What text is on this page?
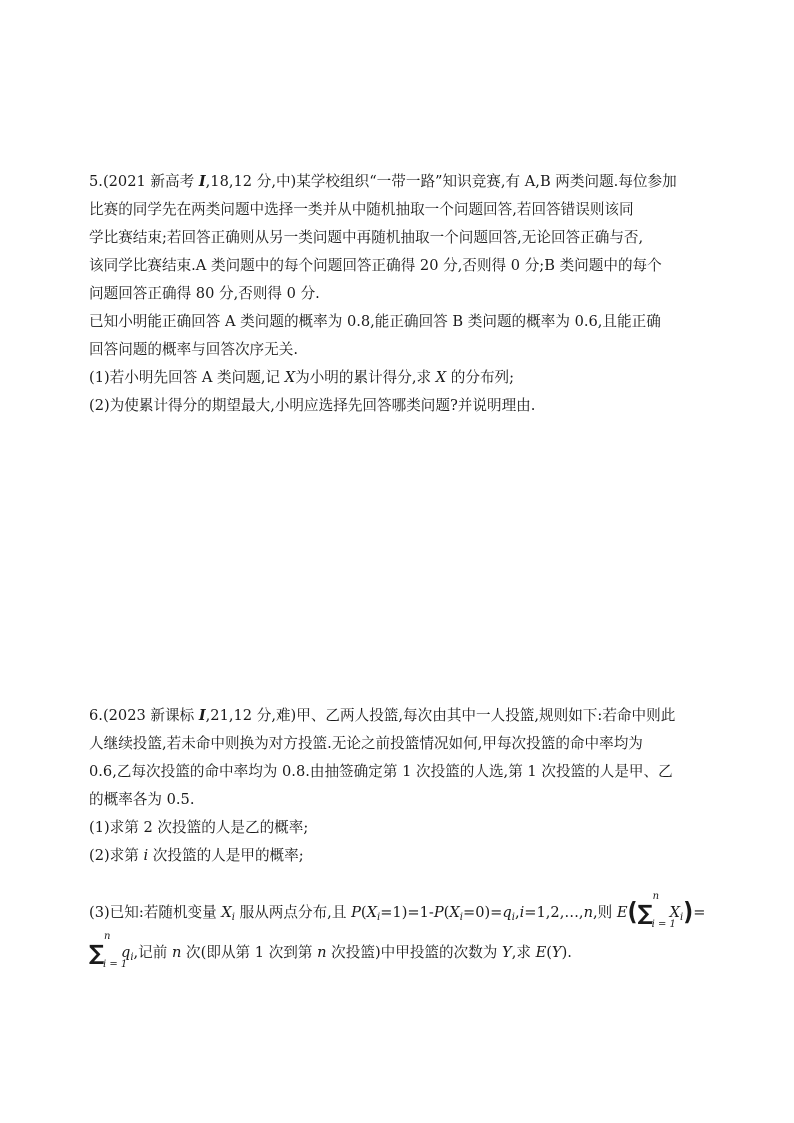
5.(2021 新高考 Ⅰ,18,12 分,中)某学校组织“一带一路”知识竞赛,有 A,B 两类问题.每位参加
比赛的同学先在两类问题中选择一类并从中随机抽取一个问题回答,若回答错误则该同
学比赛结束;若回答正确则从另一类问题中再随机抽取一个问题回答,无论回答正确与否,
该同学比赛结束.A 类问题中的每个问题回答正确得 20 分,否则得 0 分;B 类问题中的每个
问题回答正确得 80 分,否则得 0 分.
已知小明能正确回答 A 类问题的概率为 0.8,能正确回答 B 类问题的概率为 0.6,且能正确
回答问题的概率与回答次序无关.
(1)若小明先回答 A 类问题,记 X为小明的累计得分,求 X 的分布列;
(2)为使累计得分的期望最大,小明应选择先回答哪类问题?并说明理由.
6.(2023 新课标 Ⅰ,21,12 分,难)甲、乙两人投篮,每次由其中一人投篮,规则如下:若命中则此
人继续投篮,若未命中则换为对方投篮.无论之前投篮情况如何,甲每次投篮的命中率均为
0.6,乙每次投篮的命中率均为 0.8.由抽签确定第 1 次投篮的人选,第 1 次投篮的人是甲、乙
的概率各为 0.5.
(1)求第 2 次投篮的人是乙的概率;
(2)求第 i 次投篮的人是甲的概率;
(3)已知:若随机变量 $X_i$ 服从两点分布,且 $P(X_i=1)=1-P(X_i=0)=q_i,i=1,2,\dots,n$,则 E( ∑
n
i = 1
$X_i)=$
∑
n
i = 1
$q_i$,记前 n 次(即从第 1 次到第 n 次投篮)中甲投篮的次数为 Y,求 E(Y).
